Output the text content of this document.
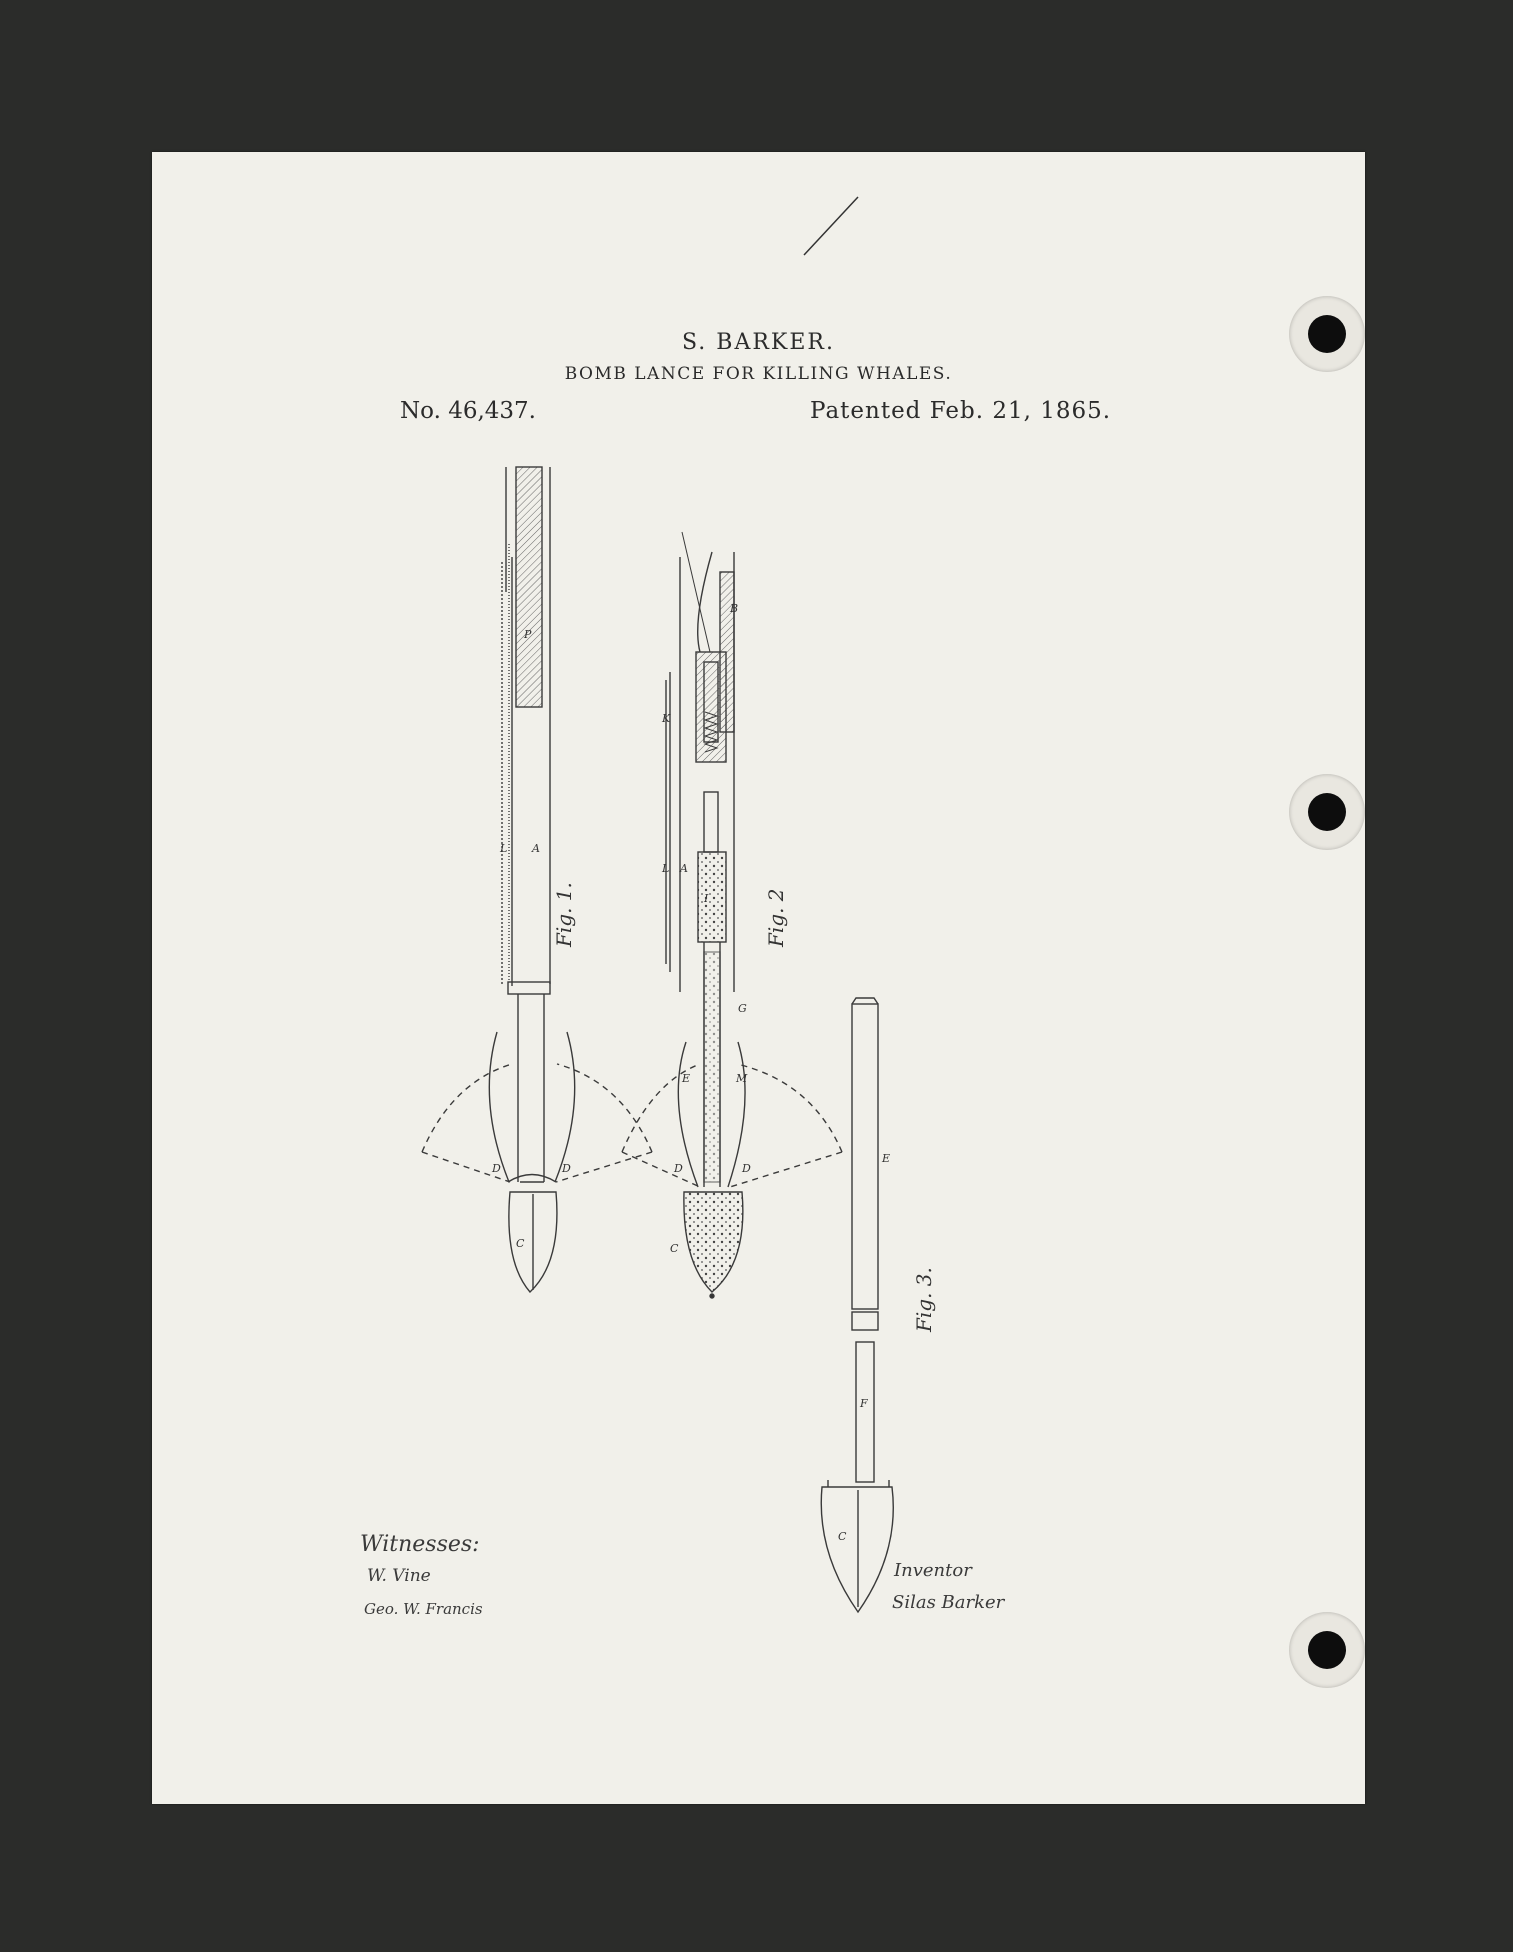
S. BARKER.
BOMB LANCE FOR KILLING WHALES.
No. 46,437.	Patented Feb. 21, 1865.
C
D	D
A
L
P
C
D	D
E	M
L A
K
G
I
B
C
E
F
Fig. 1.	Fig. 2
Fig. 3.
Witnesses:
W. Vine
Geo. W. Francis
Inventor
Silas Barker
